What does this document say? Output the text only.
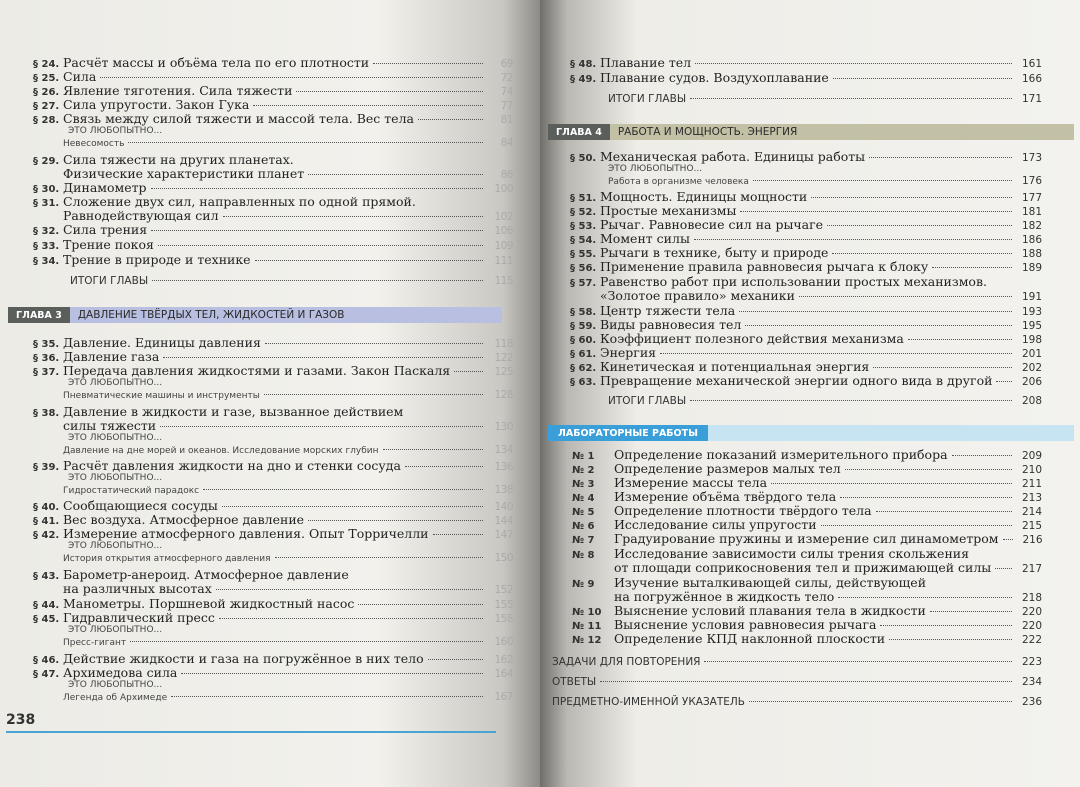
§ 24. Расчёт массы и объёма тела по его плотности	69
§ 25. Сила	72
§ 26. Явление тяготения. Сила тяжести	74
§ 27. Сила упругости. Закон Гука	77
§ 28. Связь между силой тяжести и массой тела. Вес тела	81
ЭТО ЛЮБОПЫТНО...
Невесомость	84
§ 29. Сила тяжести на других планетах.
Физические характеристики планет	86
§ 30. Динамометр	100
§ 31. Сложение двух сил, направленных по одной прямой.
Равнодействующая сил	102
§ 32. Сила трения	106
§ 33. Трение покоя	109
§ 34. Трение в природе и технике	111
ИТОГИ ГЛАВЫ	115
ГЛАВА 3	ДАВЛЕНИЕ ТВЁРДЫХ ТЕЛ, ЖИДКОСТЕЙ И ГАЗОВ
§ 35. Давление. Единицы давления	118
§ 36. Давление газа	122
§ 37. Передача давления жидкостями и газами. Закон Паскаля	125
ЭТО ЛЮБОПЫТНО...
Пневматические машины и инструменты	128
§ 38. Давление в жидкости и газе, вызванное действием
силы тяжести	130
ЭТО ЛЮБОПЫТНО...
Давление на дне морей и океанов. Исследование морских глубин	134
§ 39. Расчёт давления жидкости на дно и стенки сосуда	136
ЭТО ЛЮБОПЫТНО...
Гидростатический парадокс	138
§ 40. Сообщающиеся сосуды	140
§ 41. Вес воздуха. Атмосферное давление	144
§ 42. Измерение атмосферного давления. Опыт Торричелли	147
ЭТО ЛЮБОПЫТНО...
История открытия атмосферного давления	150
§ 43. Барометр-анероид. Атмосферное давление
на различных высотах	152
§ 44. Манометры. Поршневой жидкостный насос	155
§ 45. Гидравлический пресс	158
ЭТО ЛЮБОПЫТНО...
Пресс-гигант	160
§ 46. Действие жидкости и газа на погружённое в них тело	162
§ 47. Архимедова сила	164
ЭТО ЛЮБОПЫТНО...
Легенда об Архимеде	167
238
§ 48. Плавание тел	161
§ 49. Плавание судов. Воздухоплавание	166
ИТОГИ ГЛАВЫ	171
ГЛАВА 4	РАБОТА И МОЩНОСТЬ. ЭНЕРГИЯ
§ 50. Механическая работа. Единицы работы	173
ЭТО ЛЮБОПЫТНО...
Работа в организме человека	176
§ 51. Мощность. Единицы мощности	177
§ 52. Простые механизмы	181
§ 53. Рычаг. Равновесие сил на рычаге	182
§ 54. Момент силы	186
§ 55. Рычаги в технике, быту и природе	188
§ 56. Применение правила равновесия рычага к блоку	189
§ 57. Равенство работ при использовании простых механизмов.
«Золотое правило» механики	191
§ 58. Центр тяжести тела	193
§ 59. Виды равновесия тел	195
§ 60. Коэффициент полезного действия механизма	198
§ 61. Энергия	201
§ 62. Кинетическая и потенциальная энергия	202
§ 63. Превращение механической энергии одного вида в другой	206
ИТОГИ ГЛАВЫ	208
ЛАБОРАТОРНЫЕ РАБОТЫ
№ 1	Определение показаний измерительного прибора	209
№ 2	Определение размеров малых тел	210
№ 3	Измерение массы тела	211
№ 4	Измерение объёма твёрдого тела	213
№ 5	Определение плотности твёрдого тела	214
№ 6	Исследование силы упругости	215
№ 7	Градуирование пружины и измерение сил динамометром	216
№ 8	Исследование зависимости силы трения скольжения
от площади соприкосновения тел и прижимающей силы	217
№ 9	Изучение выталкивающей силы, действующей
на погружённое в жидкость тело	218
№ 10	Выяснение условий плавания тела в жидкости	220
№ 11	Выяснение условия равновесия рычага	220
№ 12	Определение КПД наклонной плоскости	222
ЗАДАЧИ ДЛЯ ПОВТОРЕНИЯ	223
ОТВЕТЫ	234
ПРЕДМЕТНО-ИМЕННОЙ УКАЗАТЕЛЬ	236
